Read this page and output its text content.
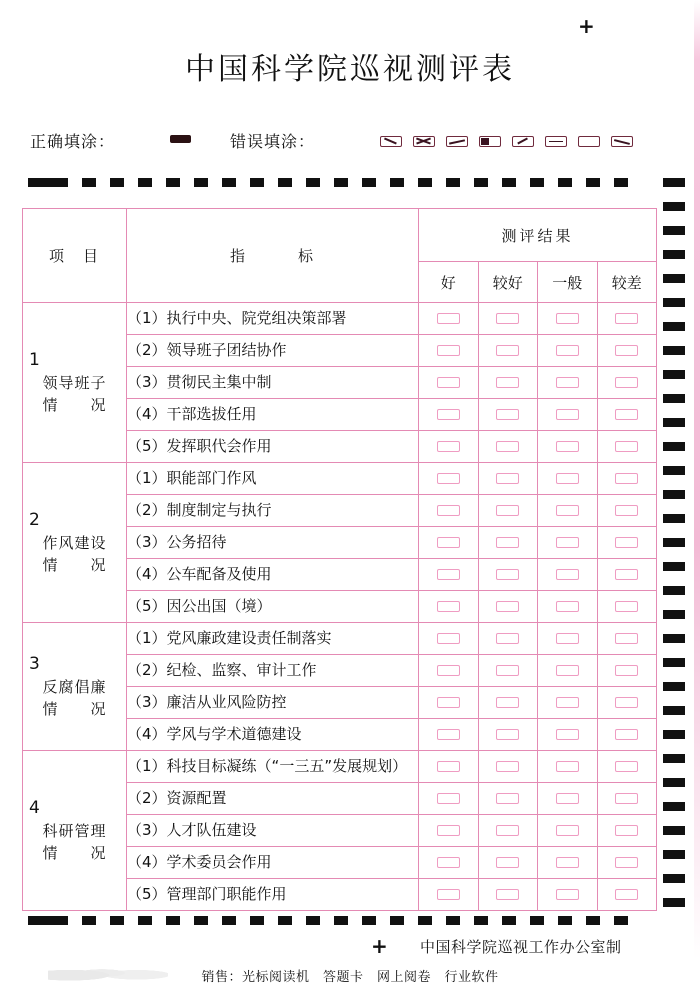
+
+
中国科学院巡视测评表
正确填涂：	错误填涂：
项　目	指　　　标	测评结果			
		好	较好	一般	较差

1
领导班子
情　　况	（1）执行中央、院党组决策部署				
	（2）领导班子团结协作				
	（3）贯彻民主集中制				
	（4）干部选拔任用				
	（5）发挥职代会作用				

2
作风建设
情　　况	（1）职能部门作风				
	（2）制度制定与执行				
	（3）公务招待				
	（4）公车配备及使用				
	（5）因公出国（境）				

3
反腐倡廉
情　　况	（1）党风廉政建设责任制落实				
	（2）纪检、监察、审计工作				
	（3）廉洁从业风险防控				
	（4）学风与学术道德建设				

4
科研管理
情　　况	（1）科技目标凝练（“一三五”发展规划）				
	（2）资源配置				
	（3）人才队伍建设				
	（4）学术委员会作用				
	（5）管理部门职能作用				
中国科学院巡视工作办公室制
销售：光标阅读机　答题卡　网上阅卷　行业软件
